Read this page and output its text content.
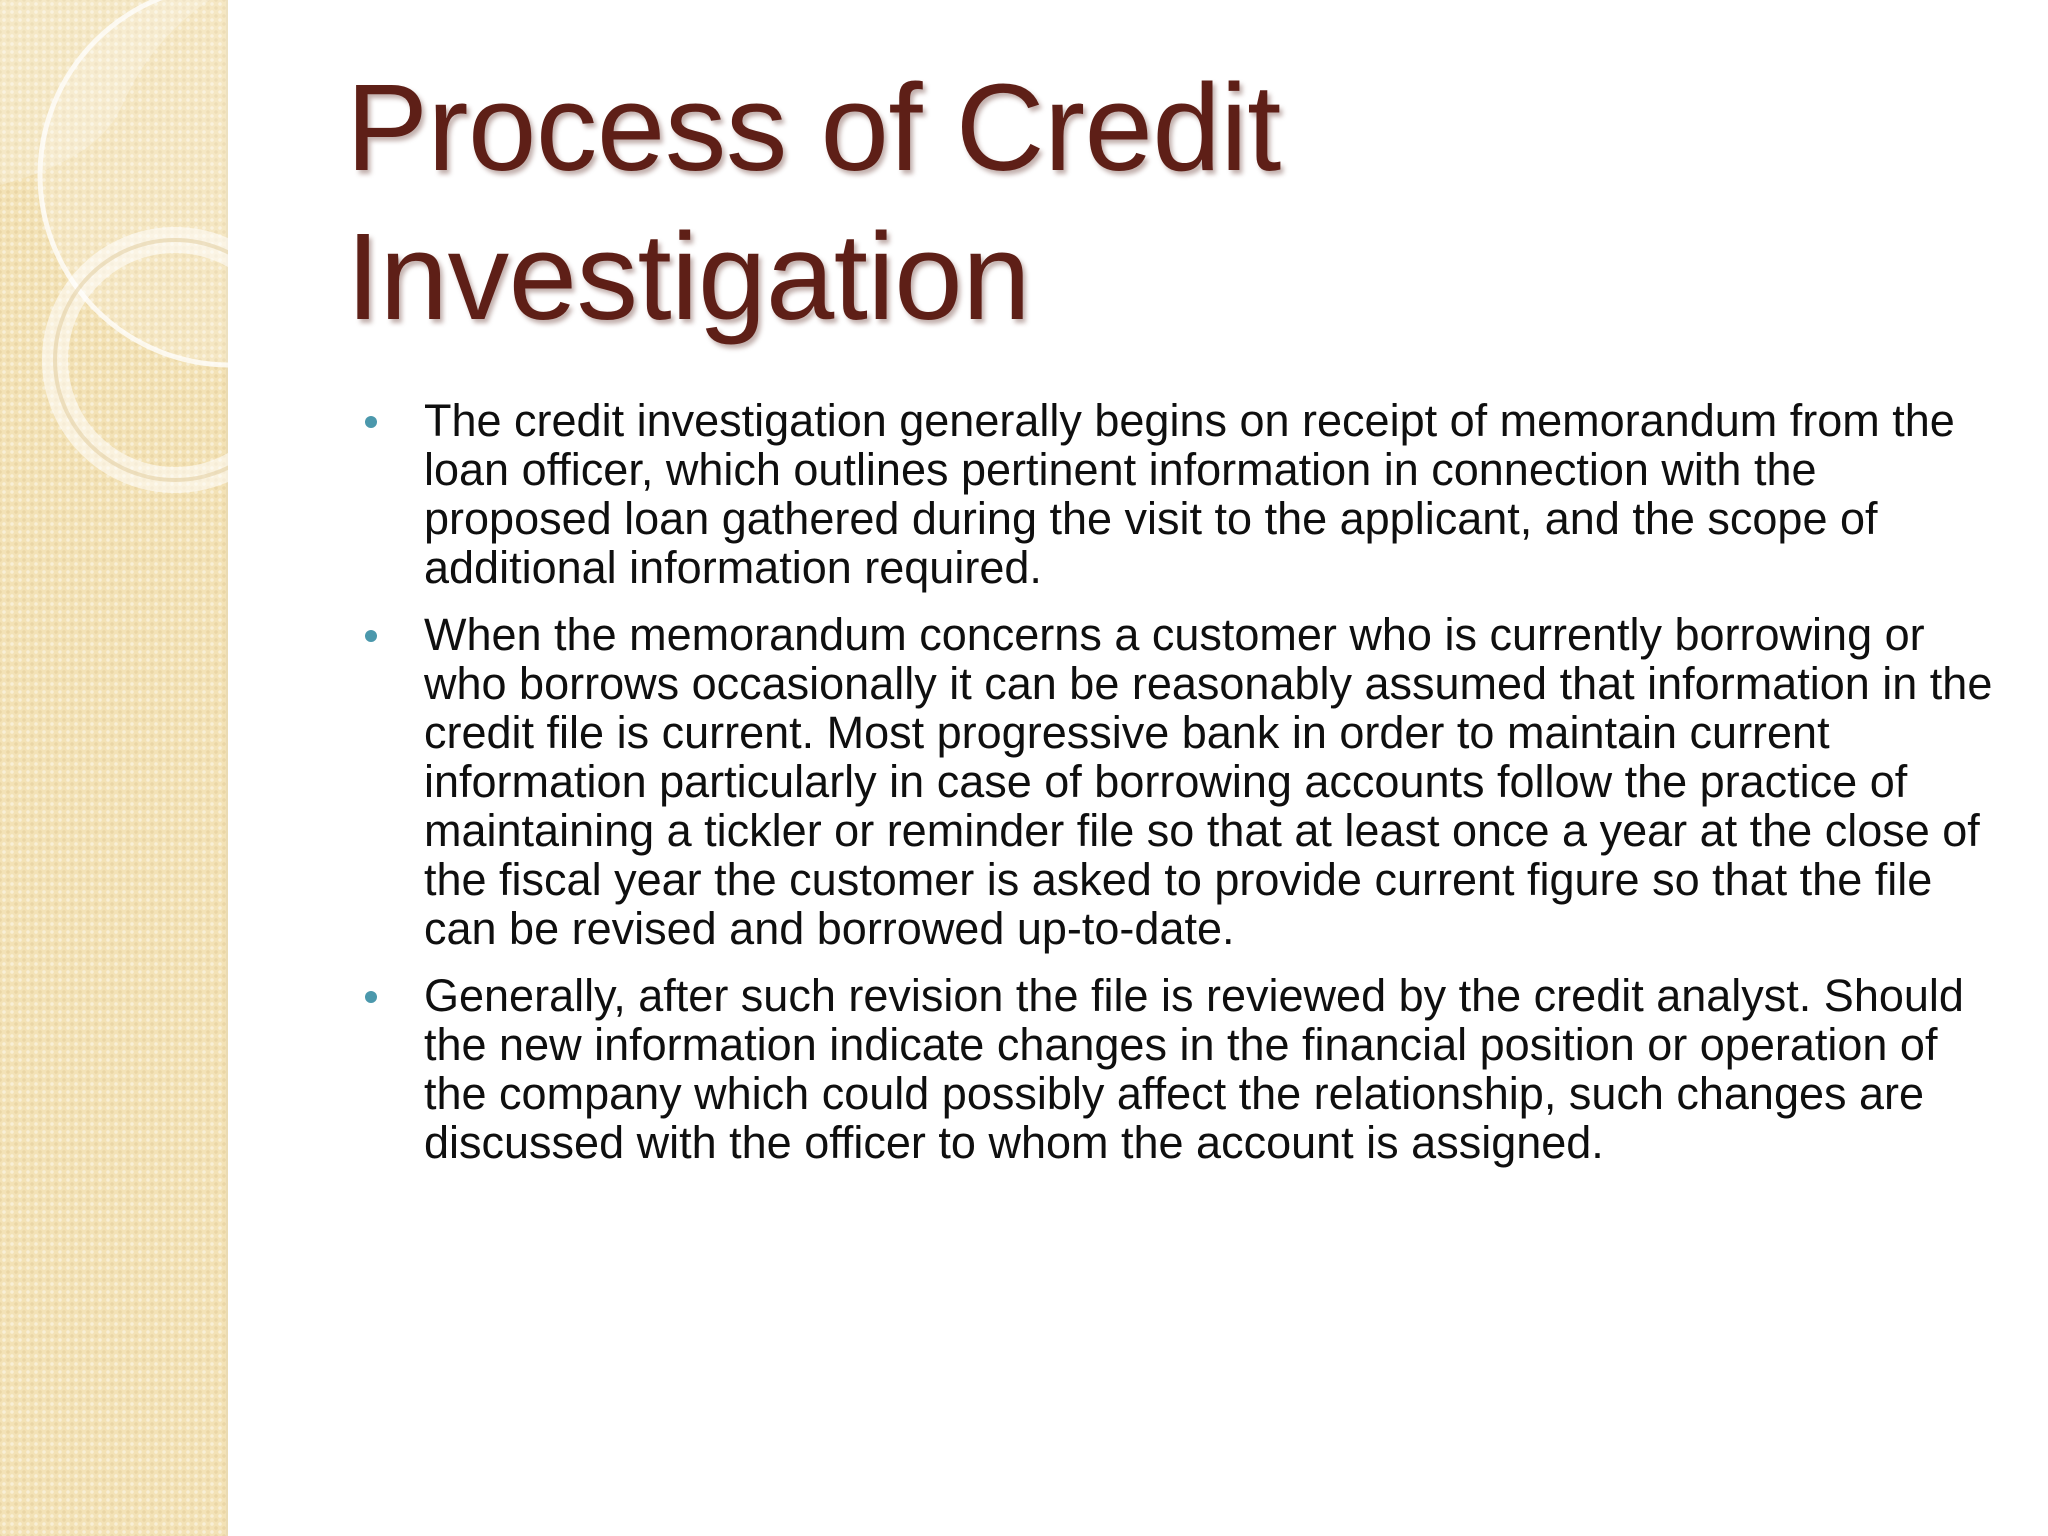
Process of Credit Investigation
The credit investigation generally begins on receipt of memorandum from the loan officer, which outlines pertinent information in connection with the proposed loan gathered during the visit to the applicant, and the scope of additional information required.
When the memorandum concerns a customer who is currently borrowing or who borrows occasionally it can be reasonably assumed that information in the credit file is current. Most progressive bank in order to maintain current information particularly in case of borrowing accounts follow the practice of maintaining a tickler or reminder file so that at least once a year at the close of the fiscal year the customer is asked to provide current figure so that the file can be revised and borrowed up-to-date.
Generally, after such revision the file is reviewed by the credit analyst. Should the new information indicate changes in the financial position or operation of the company which could possibly affect the relationship, such changes are discussed with the officer to whom the account is assigned.
